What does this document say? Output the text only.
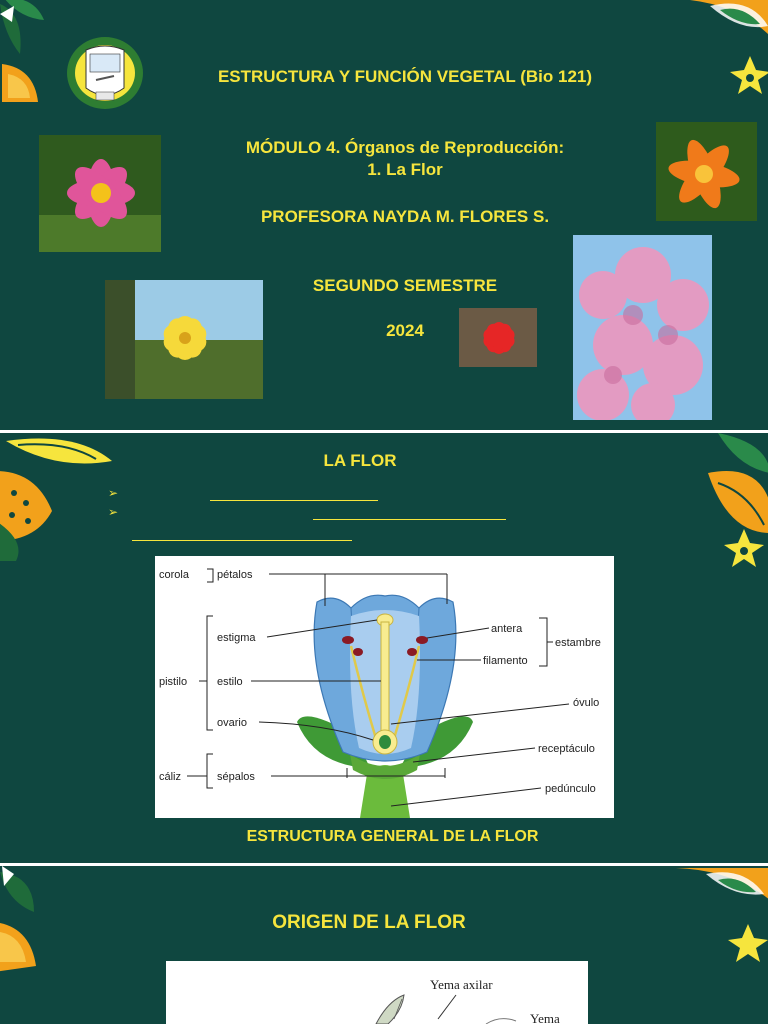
ESTRUCTURA Y FUNCIÓN VEGETAL (Bio 121)
MÓDULO 4. Órganos de Reproducción:
1. La Flor
PROFESORA NAYDA M. FLORES S.
SEGUNDO SEMESTRE
2024
LA FLOR
➢
➢
corola	pétalos
estigma
estilo
ovario
pistilo
cáliz	sépalos
antera
filamento
estambre
óvulo
receptáculo
pedúnculo
ESTRUCTURA GENERAL DE LA FLOR
ORIGEN DE LA FLOR
Yema axilar
Yema
